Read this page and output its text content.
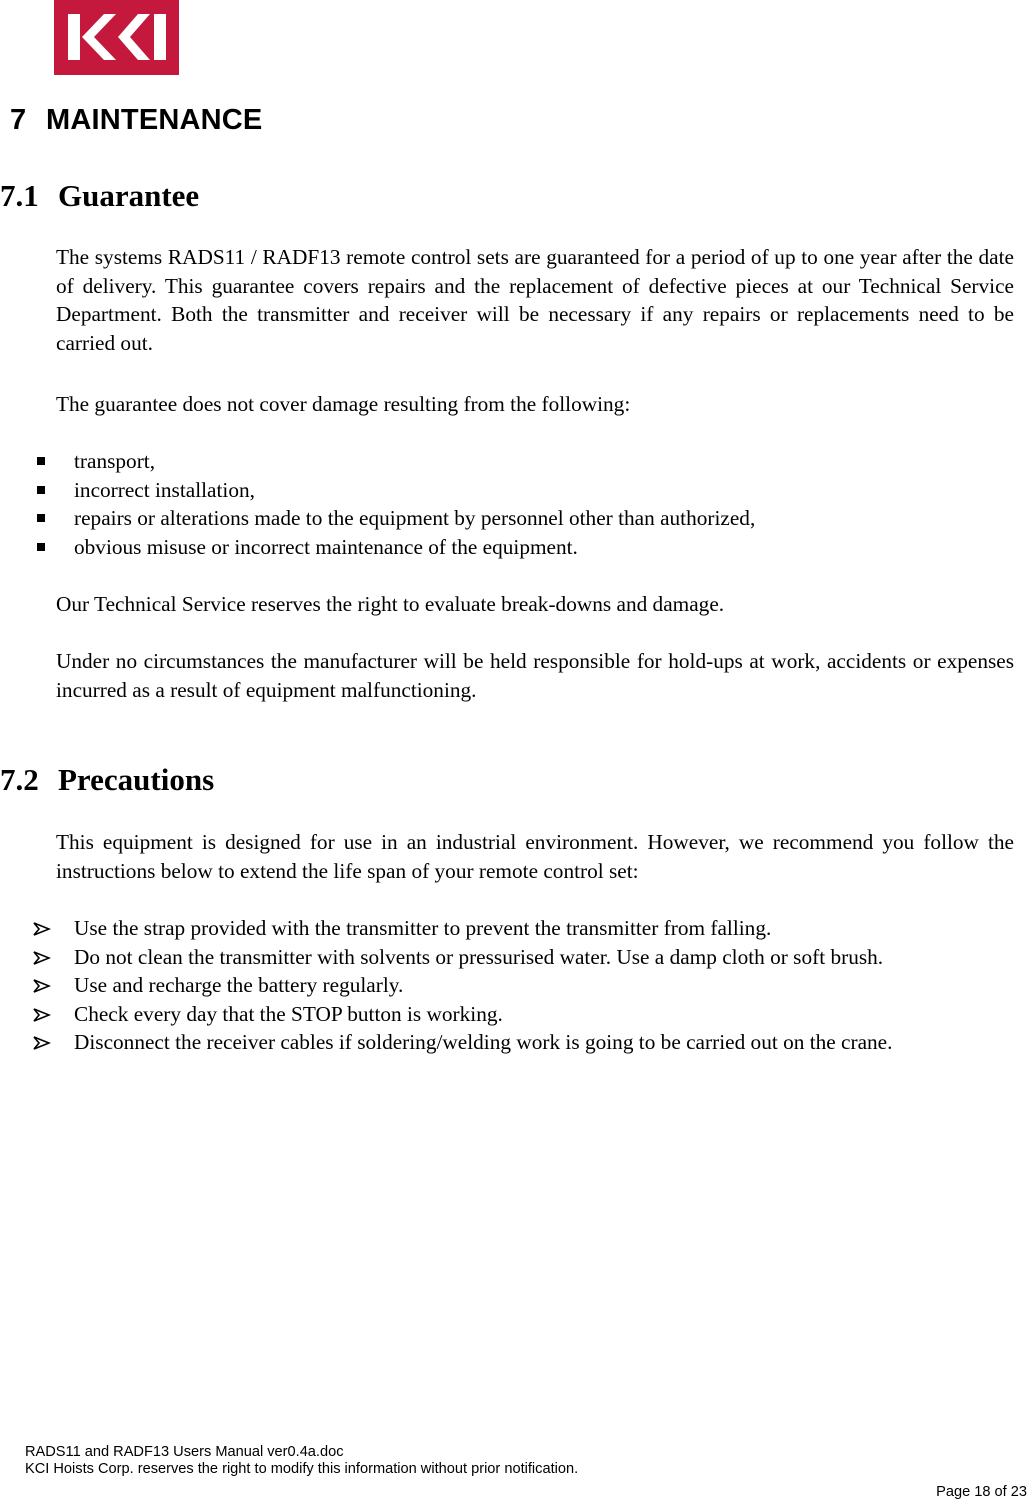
7 MAINTENANCE
7.1 Guarantee
The systems RADS11 / RADF13 remote control sets are guaranteed for a period of up to one year after the date of delivery. This guarantee covers repairs and the replacement of defective pieces at our Technical Service Department. Both the transmitter and receiver will be necessary if any repairs or replacements need to be carried out.
The guarantee does not cover damage resulting from the following:
transport,
incorrect installation,
repairs or alterations made to the equipment by personnel other than authorized,
obvious misuse or incorrect maintenance of the equipment.
Our Technical Service reserves the right to evaluate break-downs and damage.
Under no circumstances the manufacturer will be held responsible for hold-ups at work, accidents or expenses incurred as a result of equipment malfunctioning.
7.2 Precautions
This equipment is designed for use in an industrial environment. However, we recommend you follow the instructions below to extend the life span of your remote control set:
Use the strap provided with the transmitter to prevent the transmitter from falling.
Do not clean the transmitter with solvents or pressurised water. Use a damp cloth or soft brush.
Use and recharge the battery regularly.
Check every day that the STOP button is working.
Disconnect the receiver cables if soldering/welding work is going to be carried out on the crane.
RADS11 and RADF13 Users Manual ver0.4a.doc
KCI Hoists Corp. reserves the right to modify this information without prior notification.
Page 18 of 23
